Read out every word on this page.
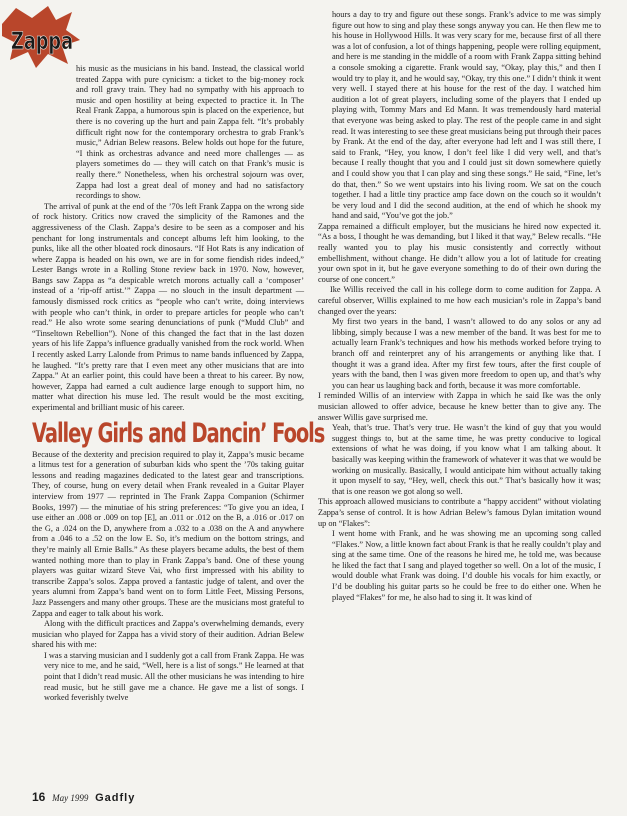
Zappa

his music as the musicians in his band. Instead, the classical world treated Zappa with pure cynicism: a ticket to the big-money rock and roll gravy train. They had no sympathy with his approach to music and open hostility at being expected to practice it. In The Real Frank Zappa, a humorous spin is placed on the experience, but there is no covering up the hurt and pain Zappa felt. “It’s probably difficult right now for the contemporary orchestra to grab Frank’s music,” Adrian Belew reasons. Belew holds out hope for the future, “I think as orchestras advance and need more challenges — as players sometimes do — they will catch on that Frank’s music is really there.” Nonetheless, when his orchestral sojourn was over, Zappa had lost a great deal of money and had no satisfactory recordings to show.

The arrival of punk at the end of the ’70s left Frank Zappa on the wrong side of rock history. Critics now craved the simplicity of the Ramones and the aggressiveness of the Clash. Zappa’s desire to be seen as a composer and his penchant for long instrumentals and concept albums left him looking, to the punks, like all the other bloated rock dinosaurs. “If Hot Rats is any indication of where Zappa is headed on his own, we are in for some fiendish rides indeed,” Lester Bangs wrote in a Rolling Stone review back in 1970. Now, however, Bangs saw Zappa as “a despicable wretch morons actually call a ‘composer’ instead of a ‘rip-off artist.’” Zappa — no slouch in the insult department — famously dismissed rock critics as “people who can’t write, doing interviews with people who can’t think, in order to prepare articles for people who can’t read.” He also wrote some searing denunciations of punk (“Mudd Club” and “Tinseltown Rebellion”). None of this changed the fact that in the last dozen years of his life Zappa’s influence gradually vanished from the rock world. When I recently asked Larry Lalonde from Primus to name bands influenced by Zappa, he laughed. “It’s pretty rare that I even meet any other musicians that are into Zappa.” At an earlier point, this could have been a threat to his career. By now, however, Zappa had earned a cult audience large enough to support him, no matter what direction his muse led. The result would be the most exciting, experimental and brilliant music of his career.

Valley Girls and Dancin’ Fools

Because of the dexterity and precision required to play it, Zappa’s music became a litmus test for a generation of suburban kids who spent the ’70s taking guitar lessons and reading magazines dedicated to the latest gear and transcriptions. They, of course, hung on every detail when Frank revealed in a Guitar Player interview from 1977 — reprinted in The Frank Zappa Companion (Schirmer Books, 1997) — the minutiae of his string preferences: “To give you an idea, I use either an .008 or .009 on top [E], an .011 or .012 on the B, a .016 or .017 on the G, a .024 on the D, anywhere from a .032 to a .038 on the A and anywhere from a .046 to a .52 on the low E. So, it’s medium on the bottom strings, and they’re mainly all Ernie Balls.” As these players became adults, the best of them wanted nothing more than to play in Frank Zappa’s band. One of these young players was guitar wizard Steve Vai, who first impressed with his ability to transcribe Zappa’s solos. Zappa proved a fantastic judge of talent, and over the years alumni from Zappa’s band went on to form Little Feet, Missing Persons, Jazz Passengers and many other groups. These are the musicians most grateful to Zappa and eager to talk about his work.

Along with the difficult practices and Zappa’s overwhelming demands, every musician who played for Zappa has a vivid story of their audition. Adrian Belew shared his with me:

I was a starving musician and I suddenly got a call from Frank Zappa. He was very nice to me, and he said, “Well, here is a list of songs.” He learned at that point that I didn’t read music. All the other musicians he was intending to hire read music, but he still gave me a chance. He gave me a list of songs. I worked feverishly twelve
hours a day to try and figure out these songs. Frank’s advice to me was simply figure out how to sing and play these songs anyway you can. He then flew me to his house in Hollywood Hills. It was very scary for me, because first of all there was a lot of confusion, a lot of things happening, people were rolling equipment, and here is me standing in the middle of a room with Frank Zappa sitting behind a console smoking a cigarette. Frank would say, “Okay, play this,” and then I would try to play it, and he would say, “Okay, try this one.” I didn’t think it went very well. I stayed there at his house for the rest of the day. I watched him audition a lot of great players, including some of the players that I ended up playing with, Tommy Mars and Ed Mann. It was tremendously hard material that everyone was being asked to play. The rest of the people came in and sight read. It was interesting to see these great musicians being put through their paces by Frank. At the end of the day, after everyone had left and I was still there, I said to Frank, “Hey, you know, I don’t feel like I did very well, and that’s because I really thought that you and I could just sit down somewhere quietly and I could show you that I can play and sing these songs.” He said, “Fine, let’s do that, then.” So we went upstairs into his living room. We sat on the couch together. I had a little tiny practice amp face down on the couch so it wouldn’t be very loud and I did the second audition, at the end of which he shook my hand and said, “You’ve got the job.”

Zappa remained a difficult employer, but the musicians he hired now expected it. “As a boss, I thought he was demanding, but I liked it that way,” Belew recalls. “He really wanted you to play his music consistently and correctly without embellishment, without change. He didn’t allow you a lot of latitude for creating your own spot in it, but he gave everyone something to do of their own during the course of one concert.”

Ike Willis received the call in his college dorm to come audition for Zappa. A careful observer, Willis explained to me how each musician’s role in Zappa’s band changed over the years:

My first two years in the band, I wasn’t allowed to do any solos or any ad libbing, simply because I was a new member of the band. It was best for me to actually learn Frank’s techniques and how his methods worked before trying to branch off and reinterpret any of his arrangements or anything like that. I thought it was a grand idea. After my first few tours, after the first couple of years with the band, then I was given more freedom to open up, and that’s why you can hear us laughing back and forth, because it was more comfortable.

I reminded Willis of an interview with Zappa in which he said Ike was the only musician allowed to offer advice, because he knew better than to give any. The answer Willis gave surprised me.

Yeah, that’s true. That’s very true. He wasn’t the kind of guy that you would suggest things to, but at the same time, he was pretty conducive to logical extensions of what he was doing, if you know what I am talking about. It basically was keeping within the framework of whatever it was that we would be working on musically. Basically, I would anticipate him without actually taking it upon myself to say, “Hey, well, check this out.” That’s basically how it was; that is one reason we got along so well.

This approach allowed musicians to contribute a “happy accident” without violating Zappa’s sense of control. It is how Adrian Belew’s famous Dylan imitation wound up on “Flakes”:

I went home with Frank, and he was showing me an upcoming song called “Flakes.” Now, a little known fact about Frank is that he really couldn’t play and sing at the same time. One of the reasons he hired me, he told me, was because he liked the fact that I sang and played together so well. On a lot of the music, I would double what Frank was doing. I’d double his vocals for him exactly, or I’d be doubling his guitar parts so he could be free to do either one. When he played “Flakes” for me, he also had to sing it. It was kind of
16 May 1999 Gadfly
